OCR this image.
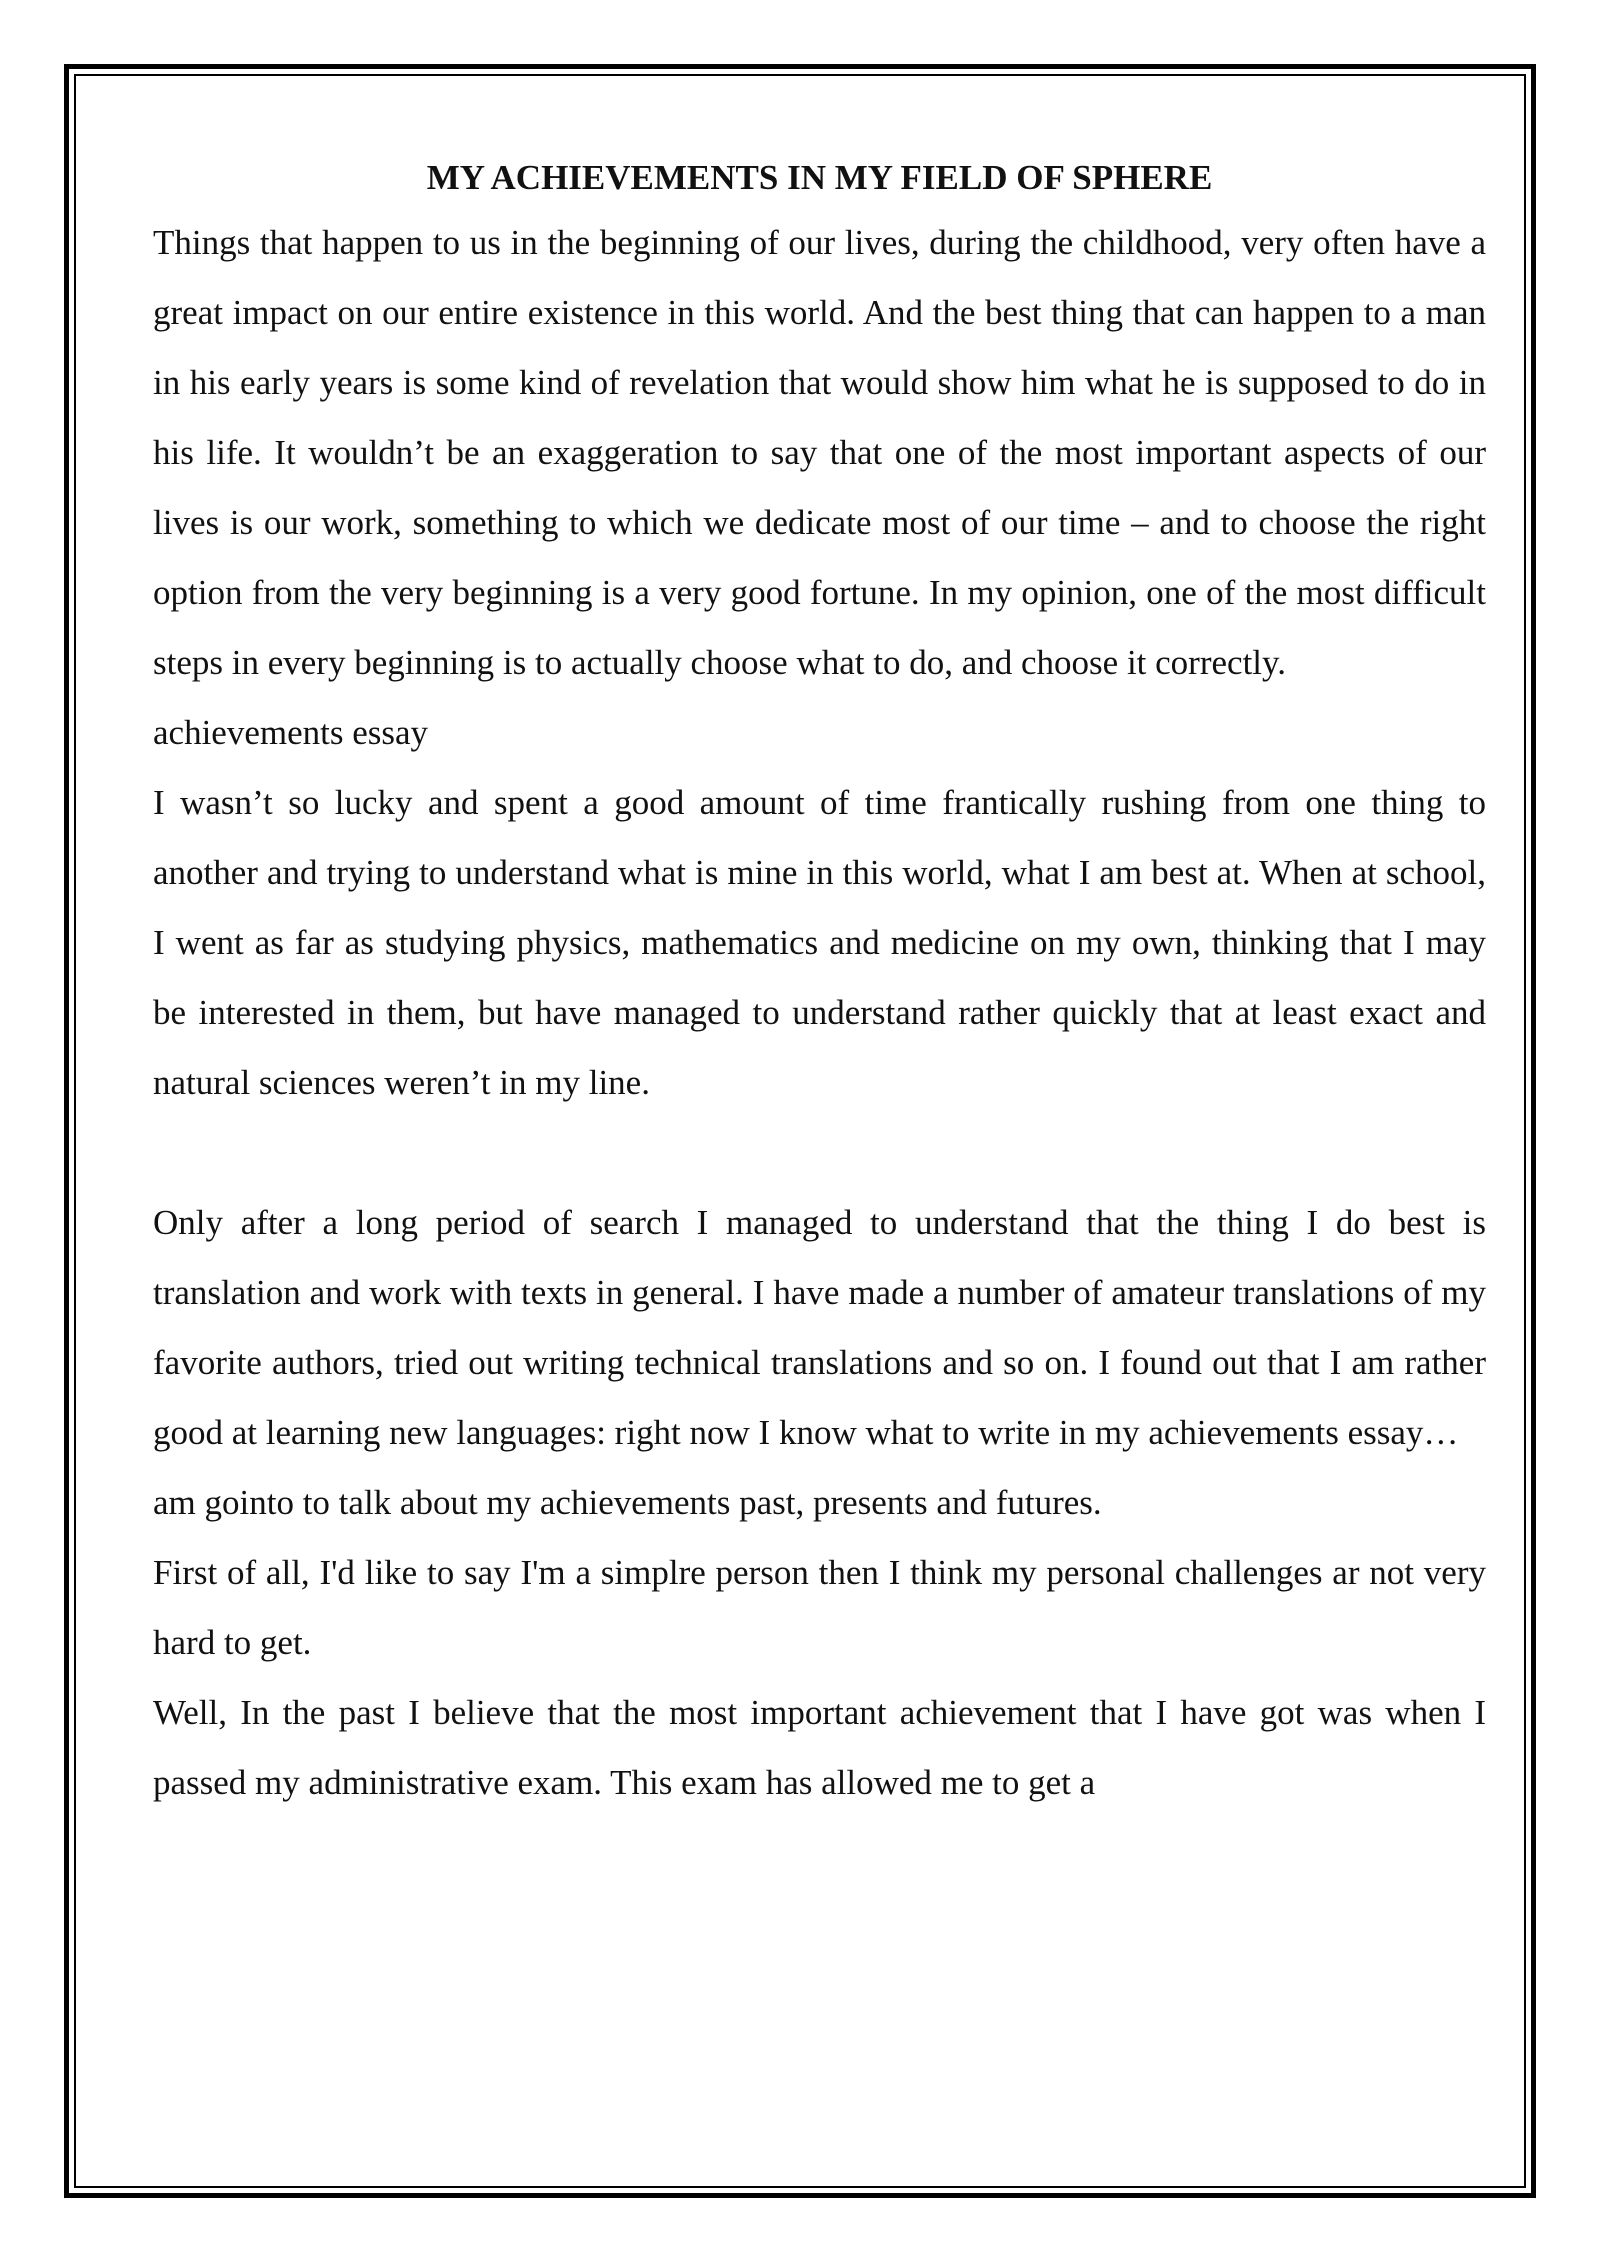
MY ACHIEVEMENTS IN MY FIELD OF SPHERE

Things that happen to us in the beginning of our lives, during the childhood, very often have a great impact on our entire existence in this world. And the best thing that can happen to a man in his early years is some kind of revelation that would show him what he is supposed to do in his life. It wouldn’t be an exaggeration to say that one of the most important aspects of our lives is our work, something to which we dedicate most of our time – and to choose the right option from the very beginning is a very good fortune. In my opinion, one of the most difficult steps in every beginning is to actually choose what to do, and choose it correctly.

achievements essay

I wasn’t so lucky and spent a good amount of time frantically rushing from one thing to another and trying to understand what is mine in this world, what I am best at. When at school, I went as far as studying physics, mathematics and medicine on my own, thinking that I may be interested in them, but have managed to understand rather quickly that at least exact and natural sciences weren’t in my line.

Only after a long period of search I managed to understand that the thing I do best is translation and work with texts in general. I have made a number of amateur translations of my favorite authors, tried out writing technical translations and so on. I found out that I am rather good at learning new languages: right now I know what to write in my achievements essay…

am gointo to talk about my achievements past, presents and futures.

First of all, I'd like to say I'm a simplre person then I think my personal challenges ar not very hard to get.

Well, In the past I believe that the most important achievement that I have got was when I passed my administrative exam. This exam has allowed me to get a
